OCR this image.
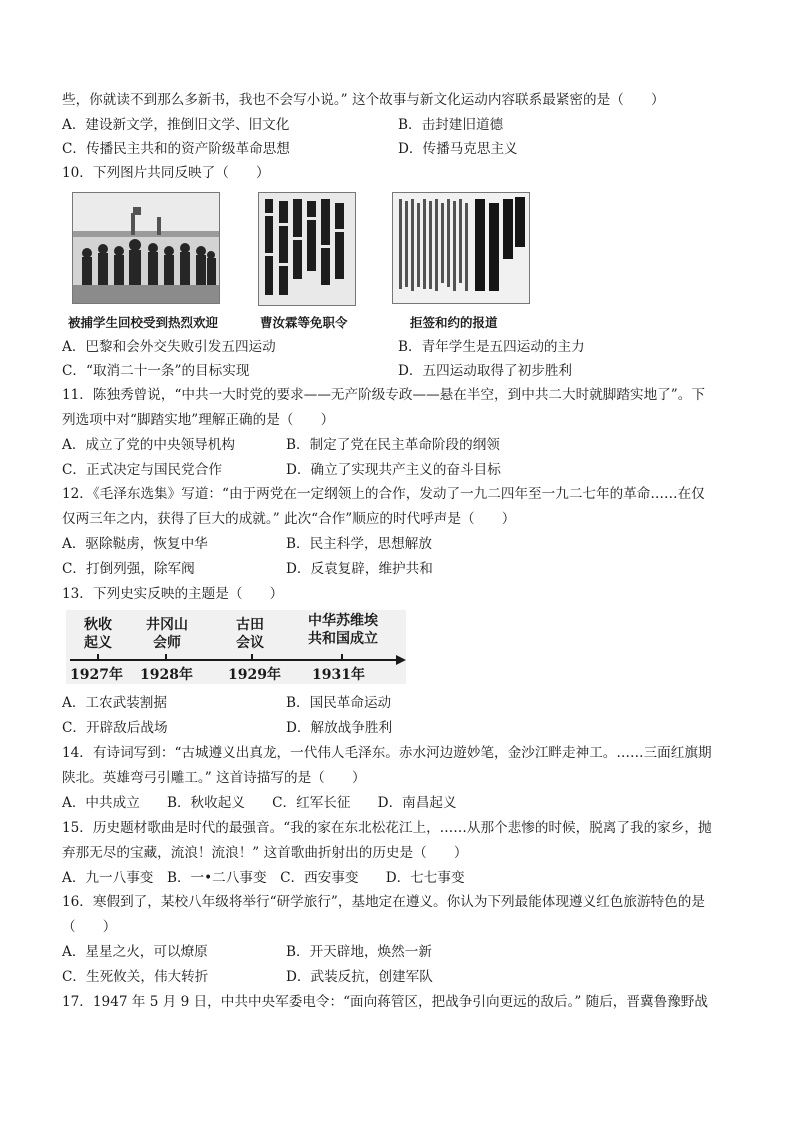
些，你就读不到那么多新书，我也不会写小说。” 这个故事与新文化运动内容联系最紧密的是（　　）
A．建设新文学，推倒旧文学、旧文化	B．击封建旧道德
C．传播民主共和的资产阶级革命思想	D．传播马克思主义
10．下列图片共同反映了（　　）
被捕学生回校受到热烈欢迎	曹汝霖等免职令	拒签和约的报道
A．巴黎和会外交失败引发五四运动	B．青年学生是五四运动的主力
C．“取消二十一条”的目标实现	D．五四运动取得了初步胜利
11．陈独秀曾说，“中共一大时党的要求——无产阶级专政——悬在半空，到中共二大时就脚踏实地了”。下
列选项中对“脚踏实地”理解正确的是（　　）
A．成立了党的中央领导机构	B．制定了党在民主革命阶段的纲领
C．正式决定与国民党合作	D．确立了实现共产主义的奋斗目标
12．《毛泽东选集》写道：“由于两党在一定纲领上的合作，发动了一九二四年至一九二七年的革命……在仅
仅两三年之内，获得了巨大的成就。” 此次“合作”顺应的时代呼声是（　　）
A．驱除鞑虏，恢复中华	B．民主科学，思想解放
C．打倒列强，除军阀	D．反袁复辟，维护共和
13．下列史实反映的主题是（　　）
秋收
起义
井冈山
会师
古田
会议
中华苏维埃
共和国成立
1927年 1928年	1929年 1931年
A．工农武装割据	B．国民革命运动
C．开辟敌后战场	D．解放战争胜利
14．有诗词写到：“古城遵义出真龙，一代伟人毛泽东。赤水河边遊妙笔，金沙江畔走神工。……三面红旗期
陕北。英雄弯弓引雕工。” 这首诗描写的是（　　）
A．中共成立　　B．秋收起义　　C．红军长征　　D．南昌起义
15．历史题材歌曲是时代的最强音。“我的家在东北松花江上，……从那个悲惨的时候，脱离了我的家乡，抛
弃那无尽的宝藏，流浪！流浪！” 这首歌曲折射出的历史是（　　）
A．九一八事变　B．一•二八事变　C．西安事变　　D．七七事变
16．寒假到了，某校八年级将举行“研学旅行”，基地定在遵义。你认为下列最能体现遵义红色旅游特色的是
（　　）
A．星星之火，可以燎原	B．开天辟地，焕然一新
C．生死攸关，伟大转折	D．武装反抗，创建军队
17．1947 年 5 月 9 日，中共中央军委电令：“面向蒋管区，把战争引向更远的敌后。” 随后，晋冀鲁豫野战
